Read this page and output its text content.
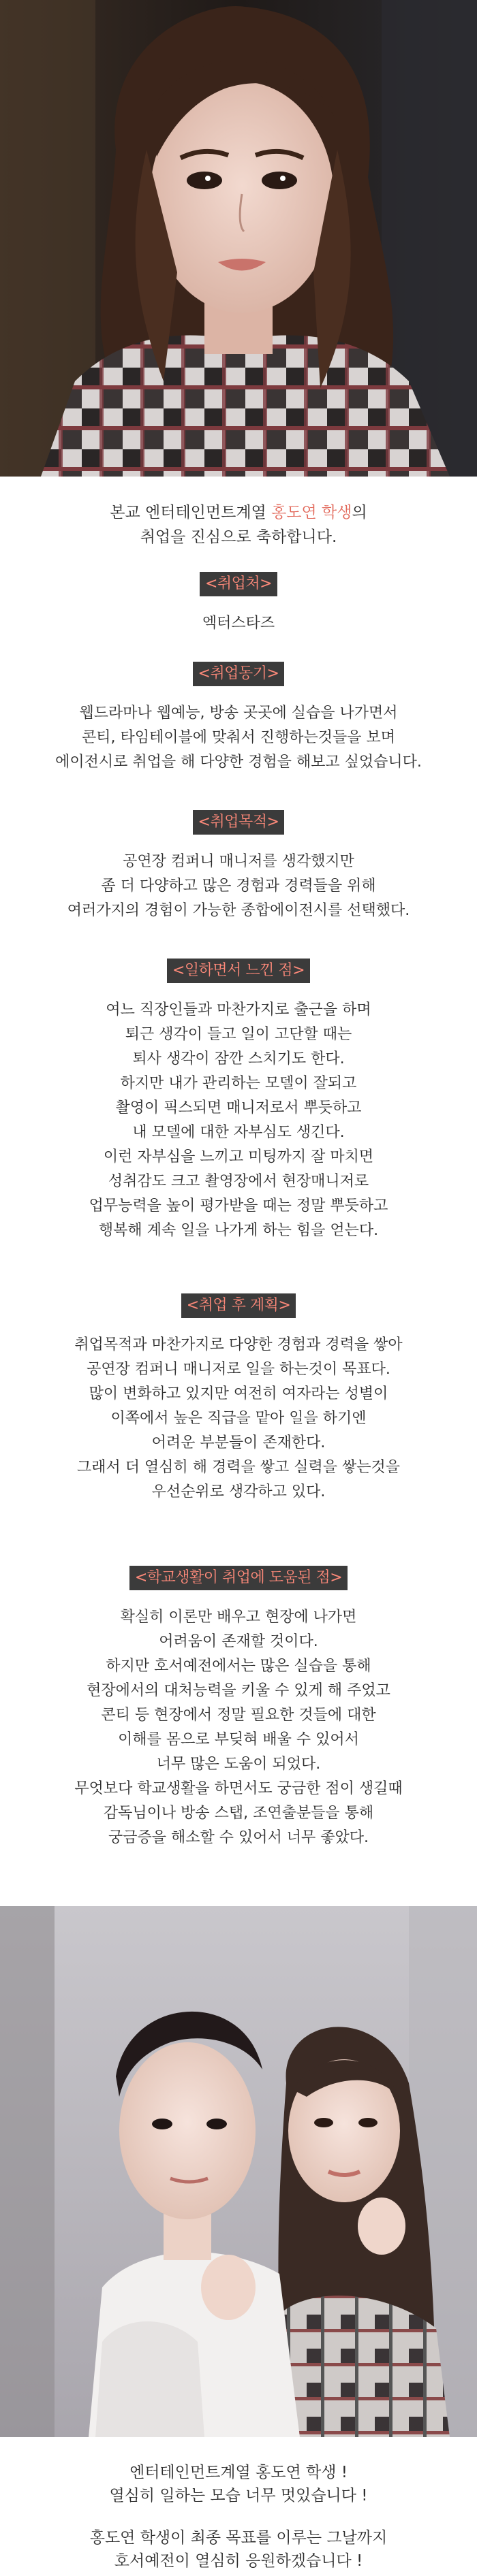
본교 엔터테인먼트계열 홍도연 학생의
취업을 진심으로 축하합니다.
<취업처>
엑터스타즈
<취업동기>
웹드라마나 웹예능, 방송 곳곳에 실습을 나가면서
콘티, 타임테이블에 맞춰서 진행하는것들을 보며
에이전시로 취업을 해 다양한 경험을 해보고 싶었습니다.
<취업목적>
공연장 컴퍼니 매니저를 생각했지만
좀 더 다양하고 많은 경험과 경력들을 위해
여러가지의 경험이 가능한 종합에이전시를 선택했다.
<일하면서 느낀 점>
여느 직장인들과 마찬가지로 출근을 하며
퇴근 생각이 들고 일이 고단할 때는
퇴사 생각이 잠깐 스치기도 한다.
하지만 내가 관리하는 모델이 잘되고
촬영이 픽스되면 매니저로서 뿌듯하고
내 모델에 대한 자부심도 생긴다.
이런 자부심을 느끼고 미팅까지 잘 마치면
성취감도 크고 촬영장에서 현장매니저로
업무능력을 높이 평가받을 때는 정말 뿌듯하고
행복해 계속 일을 나가게 하는 힘을 얻는다.
<취업 후 계획>
취업목적과 마찬가지로 다양한 경험과 경력을 쌓아
공연장 컴퍼니 매니저로 일을 하는것이 목표다.
많이 변화하고 있지만 여전히 여자라는 성별이
이쪽에서 높은 직급을 맡아 일을 하기엔
어려운 부분들이 존재한다.
그래서 더 열심히 해 경력을 쌓고 실력을 쌓는것을
우선순위로 생각하고 있다.
<학교생활이 취업에 도움된 점>
확실히 이론만 배우고 현장에 나가면
어려움이 존재할 것이다.
하지만 호서예전에서는 많은 실습을 통해
현장에서의 대처능력을 키울 수 있게 해 주었고
콘티 등 현장에서 정말 필요한 것들에 대한
이해를 몸으로 부딪혀 배울 수 있어서
너무 많은 도움이 되었다.
무엇보다 학교생활을 하면서도 궁금한 점이 생길때
감독님이나 방송 스탭, 조연출분들을 통해
궁금증을 해소할 수 있어서 너무 좋았다.
엔터테인먼트계열 홍도연 학생 !
열심히 일하는 모습 너무 멋있습니다 !
홍도연 학생이 최종 목표를 이루는 그날까지
호서예전이 열심히 응원하겠습니다 !
